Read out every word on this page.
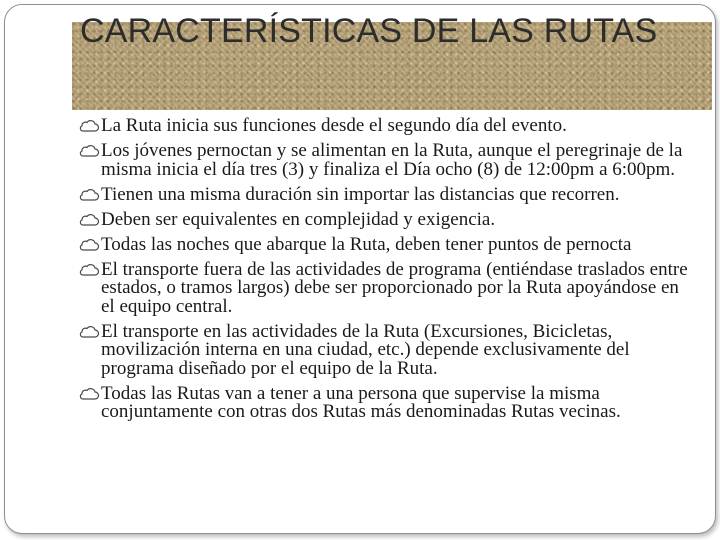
CARACTERÍSTICAS DE LAS RUTAS
La Ruta inicia sus funciones desde el segundo día del evento.
Los jóvenes pernoctan y se alimentan en la Ruta, aunque el peregrinaje de la misma inicia el día tres (3) y finaliza el Día ocho (8) de 12:00pm a 6:00pm.
Tienen una misma duración sin importar las distancias que recorren.
Deben ser equivalentes en complejidad y exigencia.
Todas las noches que abarque la Ruta, deben tener puntos de pernocta
El transporte fuera de las actividades de programa (entiéndase traslados entre estados, o tramos largos) debe ser proporcionado por la Ruta apoyándose en el equipo central.
El transporte en las actividades de la Ruta (Excursiones, Bicicletas, movilización interna en una ciudad, etc.) depende exclusivamente del programa diseñado por el equipo de la Ruta.
Todas las Rutas van a tener a una persona que supervise la misma conjuntamente con otras dos Rutas más denominadas Rutas vecinas.
